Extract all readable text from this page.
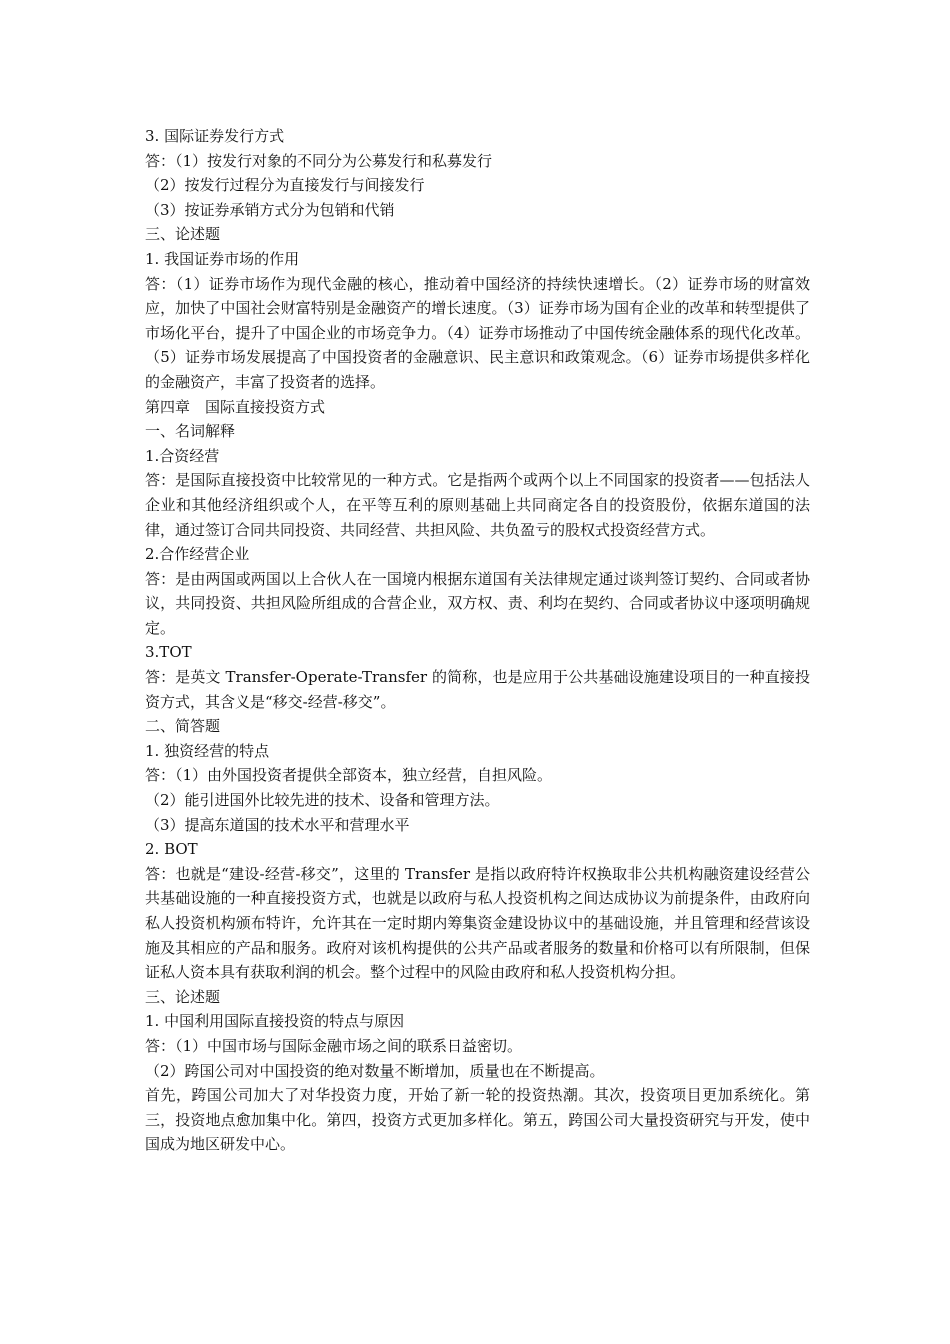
3. 国际证券发行方式

答：（1）按发行对象的不同分为公募发行和私募发行

（2）按发行过程分为直接发行与间接发行

（3）按证券承销方式分为包销和代销

三、论述题

1. 我国证券市场的作用

答：（1）证券市场作为现代金融的核心，推动着中国经济的持续快速增长。（2）证券市场的财富效应，加快了中国社会财富特别是金融资产的增长速度。（3）证券市场为国有企业的改革和转型提供了市场化平台，提升了中国企业的市场竞争力。（4）证券市场推动了中国传统金融体系的现代化改革。（5）证券市场发展提高了中国投资者的金融意识、民主意识和政策观念。（6）证券市场提供多样化的金融资产，丰富了投资者的选择。

第四章　国际直接投资方式

一、名词解释

1.合资经营

答：是国际直接投资中比较常见的一种方式。它是指两个或两个以上不同国家的投资者——包括法人企业和其他经济组织或个人，在平等互利的原则基础上共同商定各自的投资股份，依据东道国的法律，通过签订合同共同投资、共同经营、共担风险、共负盈亏的股权式投资经营方式。

2.合作经营企业

答：是由两国或两国以上合伙人在一国境内根据东道国有关法律规定通过谈判签订契约、合同或者协议，共同投资、共担风险所组成的合营企业，双方权、责、利均在契约、合同或者协议中逐项明确规定。

3.TOT

答：是英文 Transfer-Operate-Transfer 的简称，也是应用于公共基础设施建设项目的一种直接投资方式，其含义是“移交-经营-移交”。

二、简答题

1. 独资经营的特点

答：（1）由外国投资者提供全部资本，独立经营，自担风险。

（2）能引进国外比较先进的技术、设备和管理方法。

（3）提高东道国的技术水平和营理水平

2. BOT

答：也就是“建设-经营-移交”，这里的 Transfer 是指以政府特许权换取非公共机构融资建设经营公共基础设施的一种直接投资方式，也就是以政府与私人投资机构之间达成协议为前提条件，由政府向私人投资机构颁布特许，允许其在一定时期内筹集资金建设协议中的基础设施，并且管理和经营该设施及其相应的产品和服务。政府对该机构提供的公共产品或者服务的数量和价格可以有所限制，但保证私人资本具有获取利润的机会。整个过程中的风险由政府和私人投资机构分担。

三、论述题

1. 中国利用国际直接投资的特点与原因

答：（1）中国市场与国际金融市场之间的联系日益密切。

（2）跨国公司对中国投资的绝对数量不断增加，质量也在不断提高。

首先，跨国公司加大了对华投资力度，开始了新一轮的投资热潮。其次，投资项目更加系统化。第三，投资地点愈加集中化。第四，投资方式更加多样化。第五，跨国公司大量投资研究与开发，使中国成为地区研发中心。
